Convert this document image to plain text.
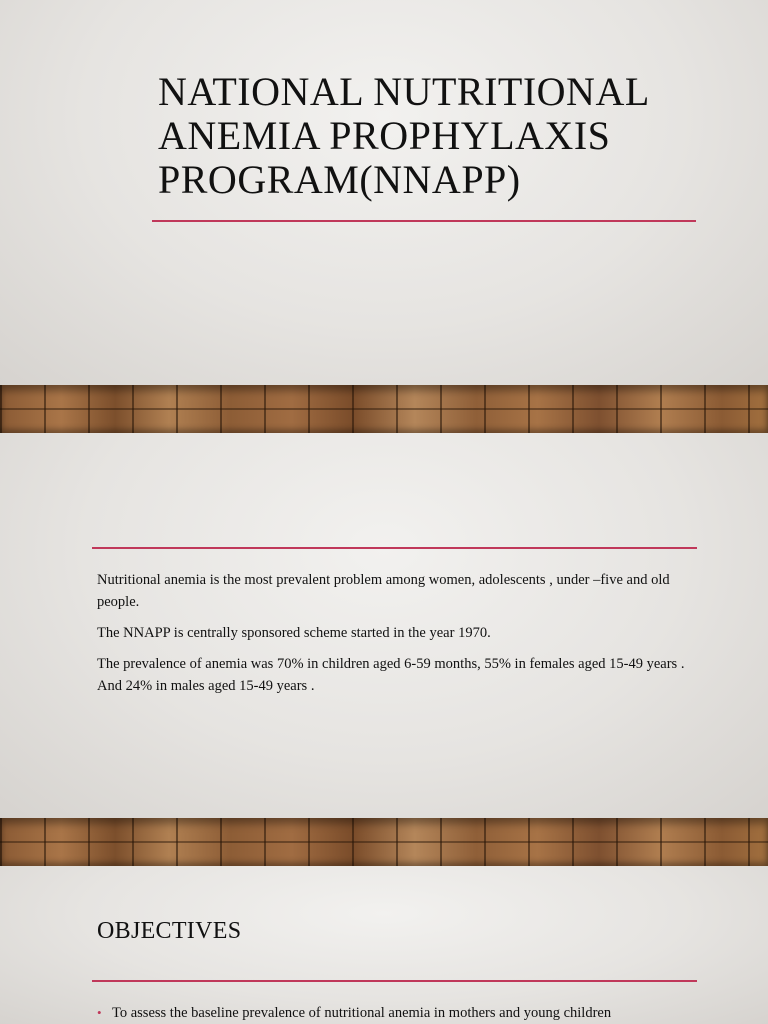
NATIONAL NUTRITIONAL ANEMIA PROPHYLAXIS PROGRAM(NNAPP)

Nutritional anemia is the most prevalent problem among women, adolescents , under –five and old people.

The NNAPP is centrally sponsored scheme started in the year 1970.

The prevalence of anemia was 70% in children aged 6-59 months, 55% in females aged 15-49 years . And 24% in males aged 15-49 years .

OBJECTIVES
• To assess the baseline prevalence of nutritional anemia in mothers and young children
